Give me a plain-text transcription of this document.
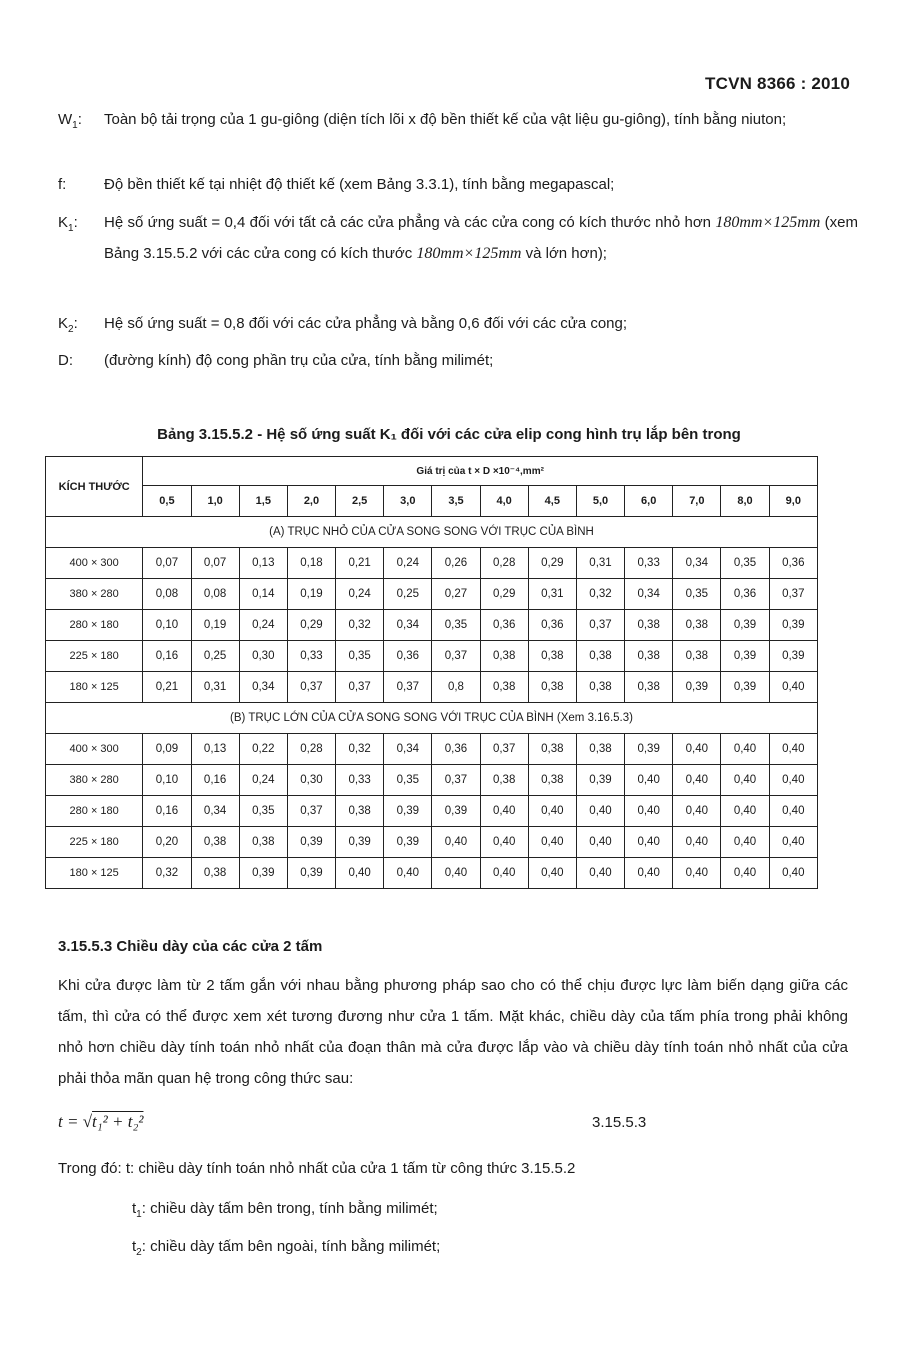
TCVN 8366 : 2010
$W_1$:	Toàn bộ tải trọng của 1 gu-giông (diện tích lõi x độ bền thiết kế của vật liệu gu-giông), tính bằng niuton;
f:	Độ bền thiết kế tại nhiệt độ thiết kế (xem Bảng 3.3.1), tính bằng megapascal;
$K_1$:	Hệ số ứng suất = 0,4 đối với tất cả các cửa phẳng và các cửa cong có kích thước nhỏ hơn 180mm×125mm (xem Bảng 3.15.5.2 với các cửa cong có kích thước 180mm×125mm và lớn hơn);
$K_2$:	Hệ số ứng suất = 0,8 đối với các cửa phẳng và bằng 0,6 đối với các cửa cong;
D:	(đường kính) độ cong phần trụ của cửa, tính bằng milimét;
Bảng 3.15.5.2 - Hệ số ứng suất K₁ đối với các cửa elip cong hình trụ lắp bên trong
KÍCH THƯỚC	Giá trị của t × D ×10⁻⁴,mm²													
	0,5	1,0	1,5	2,0	2,5	3,0	3,5	4,0	4,5	5,0	6,0	7,0	8,0	9,0
(A) TRỤC NHỎ CỦA CỬA SONG SONG VỚI TRỤC CỦA BÌNH														
400 × 300	0,07	0,07	0,13	0,18	0,21	0,24	0,26	0,28	0,29	0,31	0,33	0,34	0,35	0,36
380 × 280	0,08	0,08	0,14	0,19	0,24	0,25	0,27	0,29	0,31	0,32	0,34	0,35	0,36	0,37
280 × 180	0,10	0,19	0,24	0,29	0,32	0,34	0,35	0,36	0,36	0,37	0,38	0,38	0,39	0,39
225 × 180	0,16	0,25	0,30	0,33	0,35	0,36	0,37	0,38	0,38	0,38	0,38	0,38	0,39	0,39
180 × 125	0,21	0,31	0,34	0,37	0,37	0,37	0,8	0,38	0,38	0,38	0,38	0,39	0,39	0,40
(B) TRỤC LỚN CỦA CỬA SONG SONG VỚI TRỤC CỦA BÌNH (Xem 3.16.5.3)														
400 × 300	0,09	0,13	0,22	0,28	0,32	0,34	0,36	0,37	0,38	0,38	0,39	0,40	0,40	0,40
380 × 280	0,10	0,16	0,24	0,30	0,33	0,35	0,37	0,38	0,38	0,39	0,40	0,40	0,40	0,40
280 × 180	0,16	0,34	0,35	0,37	0,38	0,39	0,39	0,40	0,40	0,40	0,40	0,40	0,40	0,40
225 × 180	0,20	0,38	0,38	0,39	0,39	0,39	0,40	0,40	0,40	0,40	0,40	0,40	0,40	0,40
180 × 125	0,32	0,38	0,39	0,39	0,40	0,40	0,40	0,40	0,40	0,40	0,40	0,40	0,40	0,40
3.15.5.3 Chiều dày của các cửa 2 tấm
Khi cửa được làm từ 2 tấm gắn với nhau bằng phương pháp sao cho có thể chịu được lực làm biến dạng giữa các tấm, thì cửa có thể được xem xét tương đương như cửa 1 tấm. Mặt khác, chiều dày của tấm phía trong phải không nhỏ hơn chiều dày tính toán nhỏ nhất của đoạn thân mà cửa được lắp vào và chiều dày tính toán nhỏ nhất của cửa phải thỏa mãn quan hệ trong công thức sau:
t = √t₁² + t₂²	3.15.5.3
Trong đó: t: chiều dày tính toán nhỏ nhất của cửa 1 tấm từ công thức 3.15.5.2
$t_1$: chiều dày tấm bên trong, tính bằng milimét;
$t_2$: chiều dày tấm bên ngoài, tính bằng milimét;
